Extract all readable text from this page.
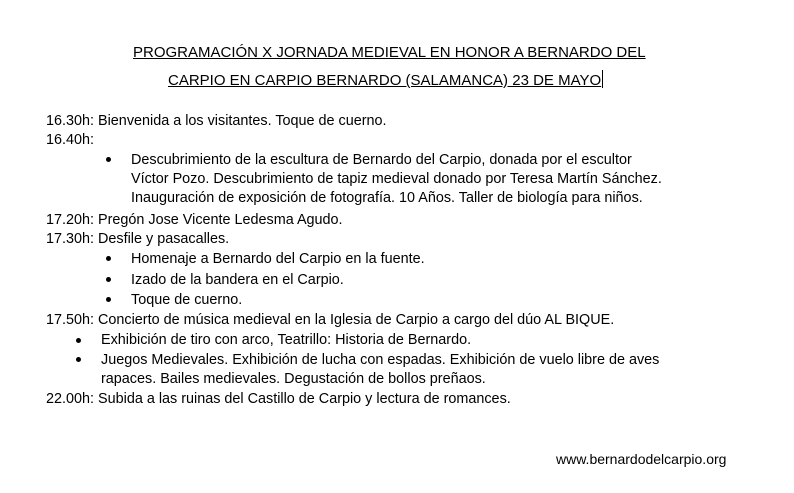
PROGRAMACIÓN X JORNADA MEDIEVAL EN HONOR A BERNARDO DEL
CARPIO EN CARPIO BERNARDO (SALAMANCA) 23 DE MAYO
16.30h: Bienvenida a los visitantes. Toque de cuerno.
16.40h:
Descubrimiento de la escultura de Bernardo del Carpio, donada por el escultor
Víctor Pozo. Descubrimiento de tapiz medieval donado por Teresa Martín Sánchez.
Inauguración de exposición de fotografía. 10 Años. Taller de biología para niños.
17.20h: Pregón Jose Vicente Ledesma Agudo.
17.30h: Desfile y pasacalles.
Homenaje a Bernardo del Carpio en la fuente.
Izado de la bandera en el Carpio.
Toque de cuerno.
17.50h: Concierto de música medieval en la Iglesia de Carpio a cargo del dúo AL BIQUE.
Exhibición de tiro con arco, Teatrillo: Historia de Bernardo.
Juegos Medievales. Exhibición de lucha con espadas. Exhibición de vuelo libre de aves
rapaces. Bailes medievales. Degustación de bollos preñaos.
22.00h: Subida a las ruinas del Castillo de Carpio y lectura de romances.
www.bernardodelcarpio.org
